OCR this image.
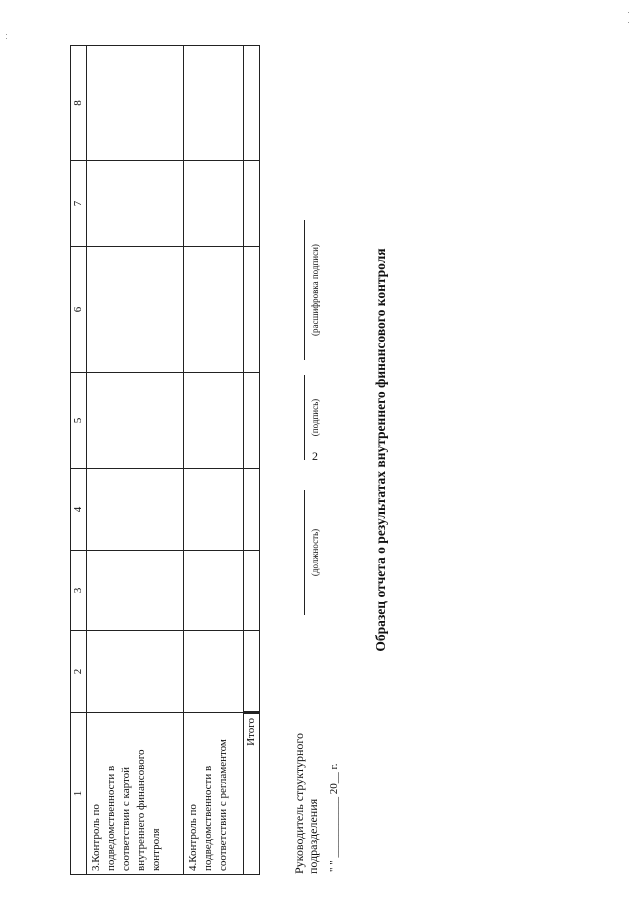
2
1	2	3	4	5	6	7	8

3.Контроль по подведомственности в соответствии с картой внутреннего финансового контроля							

4.Контроль по подведомственности в соответствии с регламентом							

Итого							
Руководитель структурного подразделения
(должность)
(подпись)
(расшифровка подписи)
" " ___________ 20__ г.
Образец отчета о результатах внутреннего финансового контроля
